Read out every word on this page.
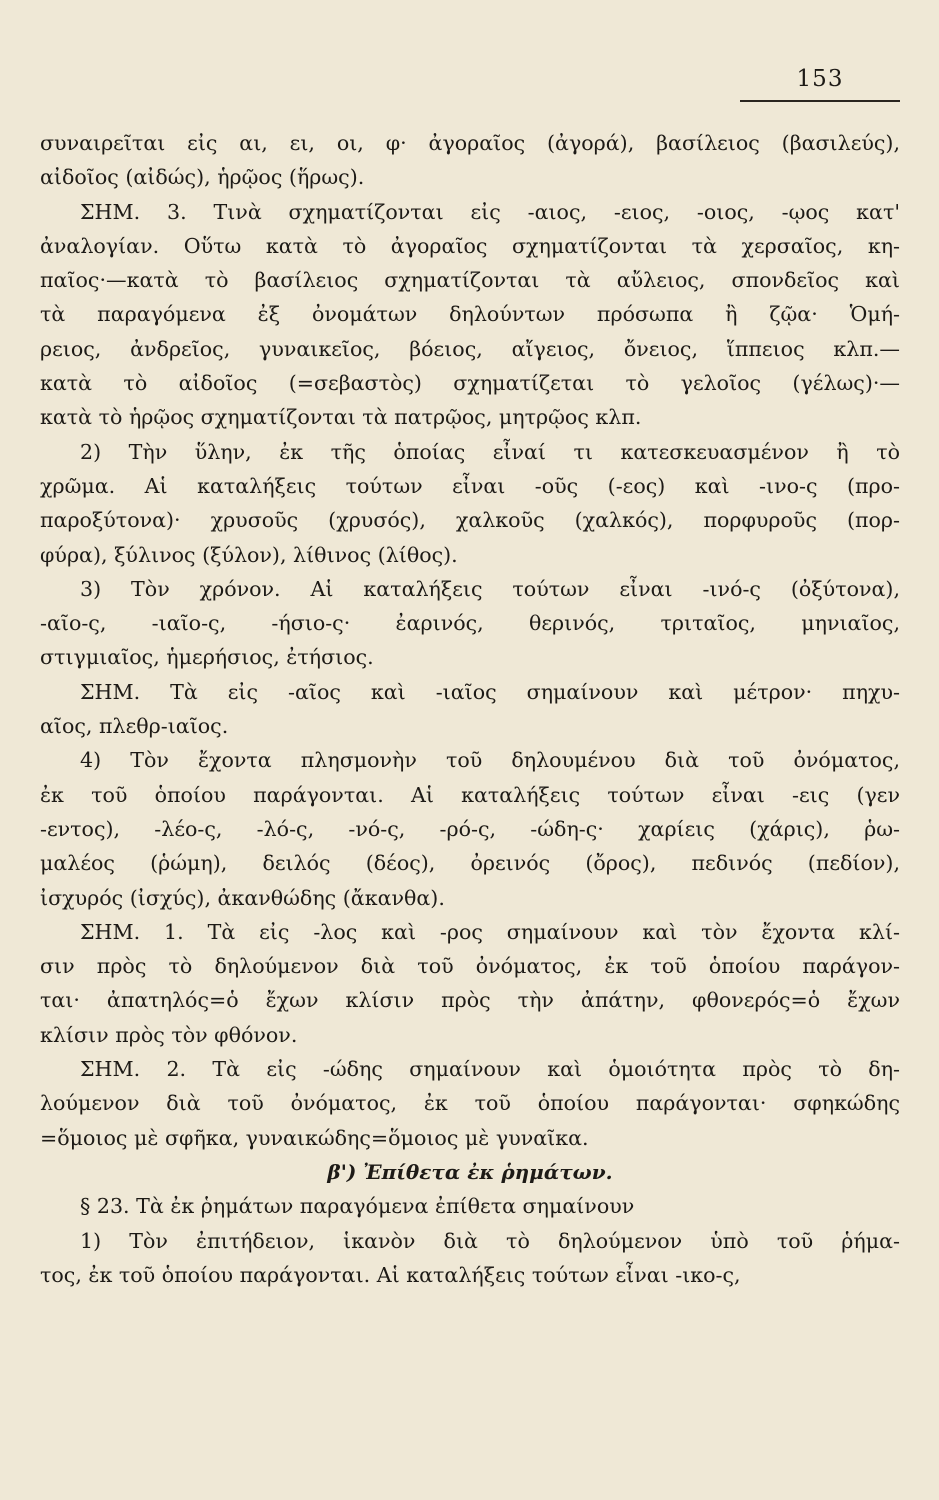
153
συναιρεῖται εἰς αι, ει, οι, φ· ἀγοραῖος (ἀγορά), βασίλειος (βασιλεύς),
αἰδοῖος (αἰδώς), ἡρῷος (ἥρως).
ΣΗΜ. 3. Τινὰ σχηματίζονται εἰς -αιος, -ειος, -οιος, -ῳος κατ'
ἀναλογίαν. Οὕτω κατὰ τὸ ἀγοραῖος σχηματίζονται τὰ χερσαῖος, κη-
παῖος·—κατὰ τὸ βασίλειος σχηματίζονται τὰ αὔλειος, σπονδεῖος καὶ
τὰ παραγόμενα ἐξ ὀνομάτων δηλούντων πρόσωπα ἢ ζῷα· Ὁμή-
ρειος, ἀνδρεῖος, γυναικεῖος, βόειος, αἴγειος, ὄνειος, ἵππειος κλπ.—
κατὰ τὸ αἰδοῖος (=σεβαστὸς) σχηματίζεται τὸ γελοῖος (γέλως)·—
κατὰ τὸ ἡρῷος σχηματίζονται τὰ πατρῷος, μητρῷος κλπ.
2) Τὴν ὕλην, ἐκ τῆς ὁποίας εἶναί τι κατεσκευασμένον ἢ τὸ
χρῶμα. Αἱ καταλήξεις τούτων εἶναι -οῦς (-εος) καὶ -ινο-ς (προ-
παροξύτονα)· χρυσοῦς (χρυσός), χαλκοῦς (χαλκός), πορφυροῦς (πορ-
φύρα), ξύλινος (ξύλον), λίθινος (λίθος).
3) Τὸν χρόνον. Αἱ καταλήξεις τούτων εἶναι -ινό-ς (ὀξύτονα),
-αῖο-ς, -ιαῖο-ς, -ήσιο-ς· ἐαρινός, θερινός, τριταῖος, μηνιαῖος,
στιγμιαῖος, ἡμερήσιος, ἐτήσιος.
ΣΗΜ. Τὰ εἰς -αῖος καὶ -ιαῖος σημαίνουν καὶ μέτρον· πηχυ-
αῖος, πλεθρ-ιαῖος.
4) Τὸν ἔχοντα πλησμονὴν τοῦ δηλουμένου διὰ τοῦ ὀνόματος,
ἐκ τοῦ ὁποίου παράγονται. Αἱ καταλήξεις τούτων εἶναι -εις (γεν
-εντος), -λέο-ς, -λό-ς, -νό-ς, -ρό-ς, -ώδη-ς· χαρίεις (χάρις), ῥω-
μαλέος (ῥώμη), δειλός (δέος), ὀρεινός (ὄρος), πεδινός (πεδίον),
ἰσχυρός (ἰσχύς), ἀκανθώδης (ἄκανθα).
ΣΗΜ. 1. Τὰ εἰς -λος καὶ -ρος σημαίνουν καὶ τὸν ἔχοντα κλί-
σιν πρὸς τὸ δηλούμενον διὰ τοῦ ὀνόματος, ἐκ τοῦ ὁποίου παράγον-
ται· ἀπατηλός=ὁ ἔχων κλίσιν πρὸς τὴν ἀπάτην, φθονερός=ὁ ἔχων
κλίσιν πρὸς τὸν φθόνον.
ΣΗΜ. 2. Τὰ εἰς -ώδης σημαίνουν καὶ ὁμοιότητα πρὸς τὸ δη-
λούμενον διὰ τοῦ ὀνόματος, ἐκ τοῦ ὁποίου παράγονται· σφηκώδης
=ὅμοιος μὲ σφῆκα, γυναικώδης=ὅμοιος μὲ γυναῖκα.
β') Ἐπίθετα ἐκ ῥημάτων.
§ 23. Τὰ ἐκ ῥημάτων παραγόμενα ἐπίθετα σημαίνουν
1) Τὸν ἐπιτήδειον, ἱκανὸν διὰ τὸ δηλούμενον ὑπὸ τοῦ ῥήμα-
τος, ἐκ τοῦ ὁποίου παράγονται. Αἱ καταλήξεις τούτων εἶναι -ικο-ς,
